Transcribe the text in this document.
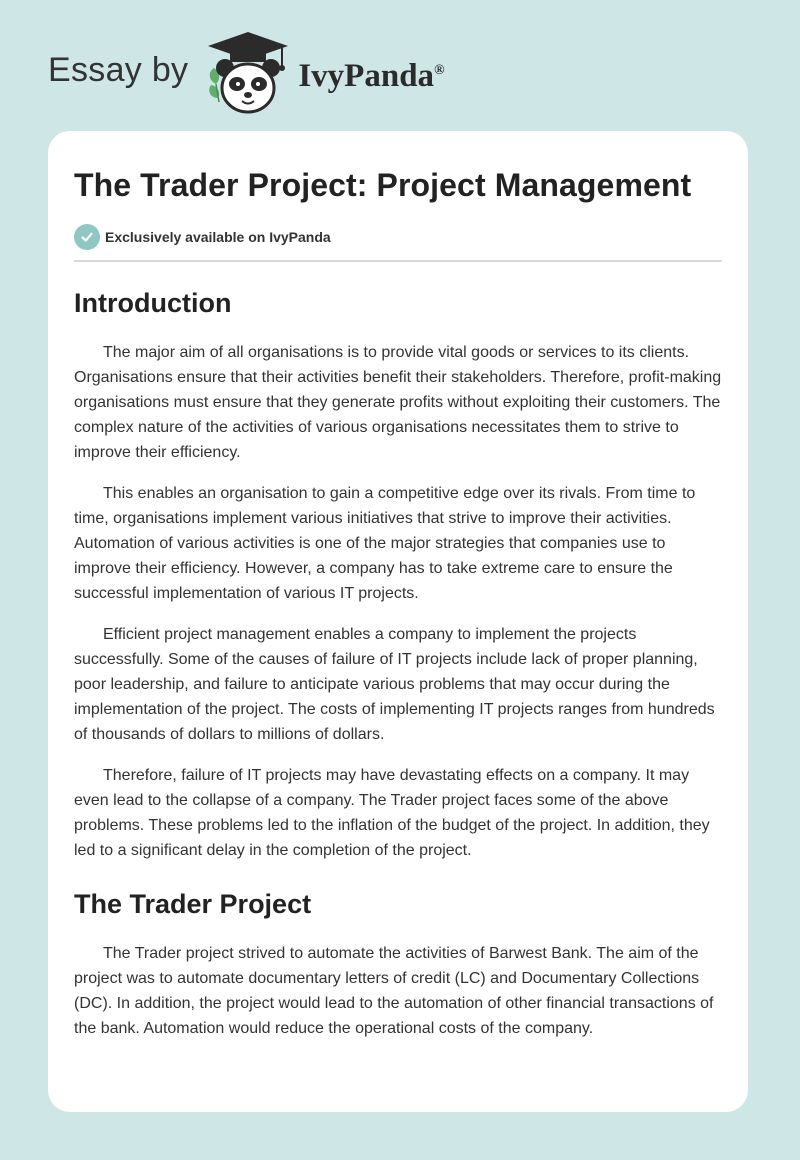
Essay by	IvyPanda®
The Trader Project: Project Management
Exclusively available on IvyPanda
Introduction

The major aim of all organisations is to provide vital goods or services to its clients. Organisations ensure that their activities benefit their stakeholders. Therefore, profit-making organisations must ensure that they generate profits without exploiting their customers. The complex nature of the activities of various organisations necessitates them to strive to improve their efficiency.

This enables an organisation to gain a competitive edge over its rivals. From time to time, organisations implement various initiatives that strive to improve their activities. Automation of various activities is one of the major strategies that companies use to improve their efficiency. However, a company has to take extreme care to ensure the successful implementation of various IT projects.

Efficient project management enables a company to implement the projects successfully. Some of the causes of failure of IT projects include lack of proper planning, poor leadership, and failure to anticipate various problems that may occur during the implementation of the project. The costs of implementing IT projects ranges from hundreds of thousands of dollars to millions of dollars.

Therefore, failure of IT projects may have devastating effects on a company. It may even lead to the collapse of a company. The Trader project faces some of the above problems. These problems led to the inflation of the budget of the project. In addition, they led to a significant delay in the completion of the project.

The Trader Project

The Trader project strived to automate the activities of Barwest Bank. The aim of the project was to automate documentary letters of credit (LC) and Documentary Collections (DC). In addition, the project would lead to the automation of other financial transactions of the bank. Automation would reduce the operational costs of the company.
